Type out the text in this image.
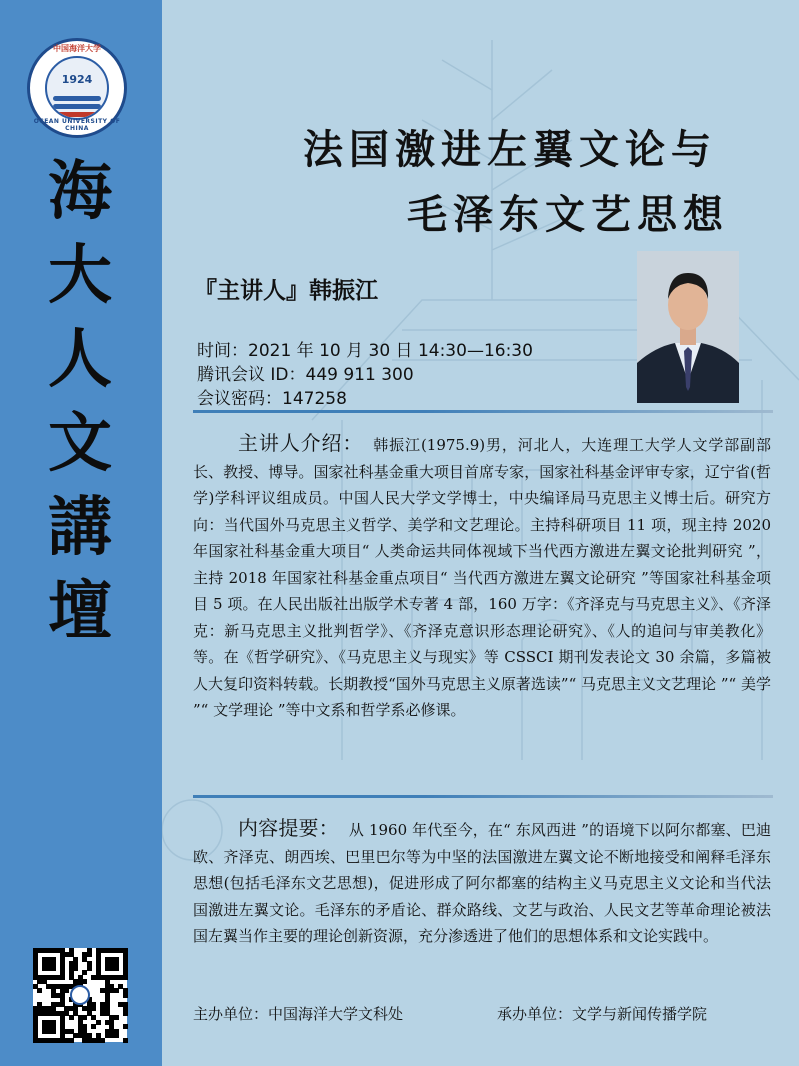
中国海洋大学
1924
OCEAN UNIVERSITY OF CHINA
海
大
人
文
講
壇
法国激进左翼文论与
毛泽东文艺思想
『主讲人』韩振江
时间：2021 年 10 月 30 日 14:30—16:30
腾讯会议 ID：449 911 300
会议密码：147258
主讲人介绍： 韩振江(1975.9)男，河北人，大连理工大学人文学部副部长、教授、博导。国家社科基金重大项目首席专家，国家社科基金评审专家，辽宁省(哲学)学科评议组成员。中国人民大学文学博士，中央编译局马克思主义博士后。研究方向：当代国外马克思主义哲学、美学和文艺理论。主持科研项目 11 项，现主持 2020 年国家社科基金重大项目“ 人类命运共同体视域下当代西方激进左翼文论批判研究 ”，主持 2018 年国家社科基金重点项目“ 当代西方激进左翼文论研究 ”等国家社科基金项目 5 项。在人民出版社出版学术专著 4 部，160 万字：《齐泽克与马克思主义》、《齐泽克：新马克思主义批判哲学》、《齐泽克意识形态理论研究》、《人的追问与审美教化》等。在《哲学研究》、《马克思主义与现实》等 CSSCI 期刊发表论文 30 余篇，多篇被人大复印资料转载。长期教授“国外马克思主义原著选读”“ 马克思主义文艺理论 ”“ 美学 ”“ 文学理论 ”等中文系和哲学系必修课。
内容提要： 从 1960 年代至今，在“ 东风西进 ”的语境下以阿尔都塞、巴迪欧、齐泽克、朗西埃、巴里巴尔等为中坚的法国激进左翼文论不断地接受和阐释毛泽东思想(包括毛泽东文艺思想)，促进形成了阿尔都塞的结构主义马克思主义文论和当代法国激进左翼文论。毛泽东的矛盾论、群众路线、文艺与政治、人民文艺等革命理论被法国左翼当作主要的理论创新资源，充分渗透进了他们的思想体系和文论实践中。
主办单位：中国海洋大学文科处	承办单位：文学与新闻传播学院
